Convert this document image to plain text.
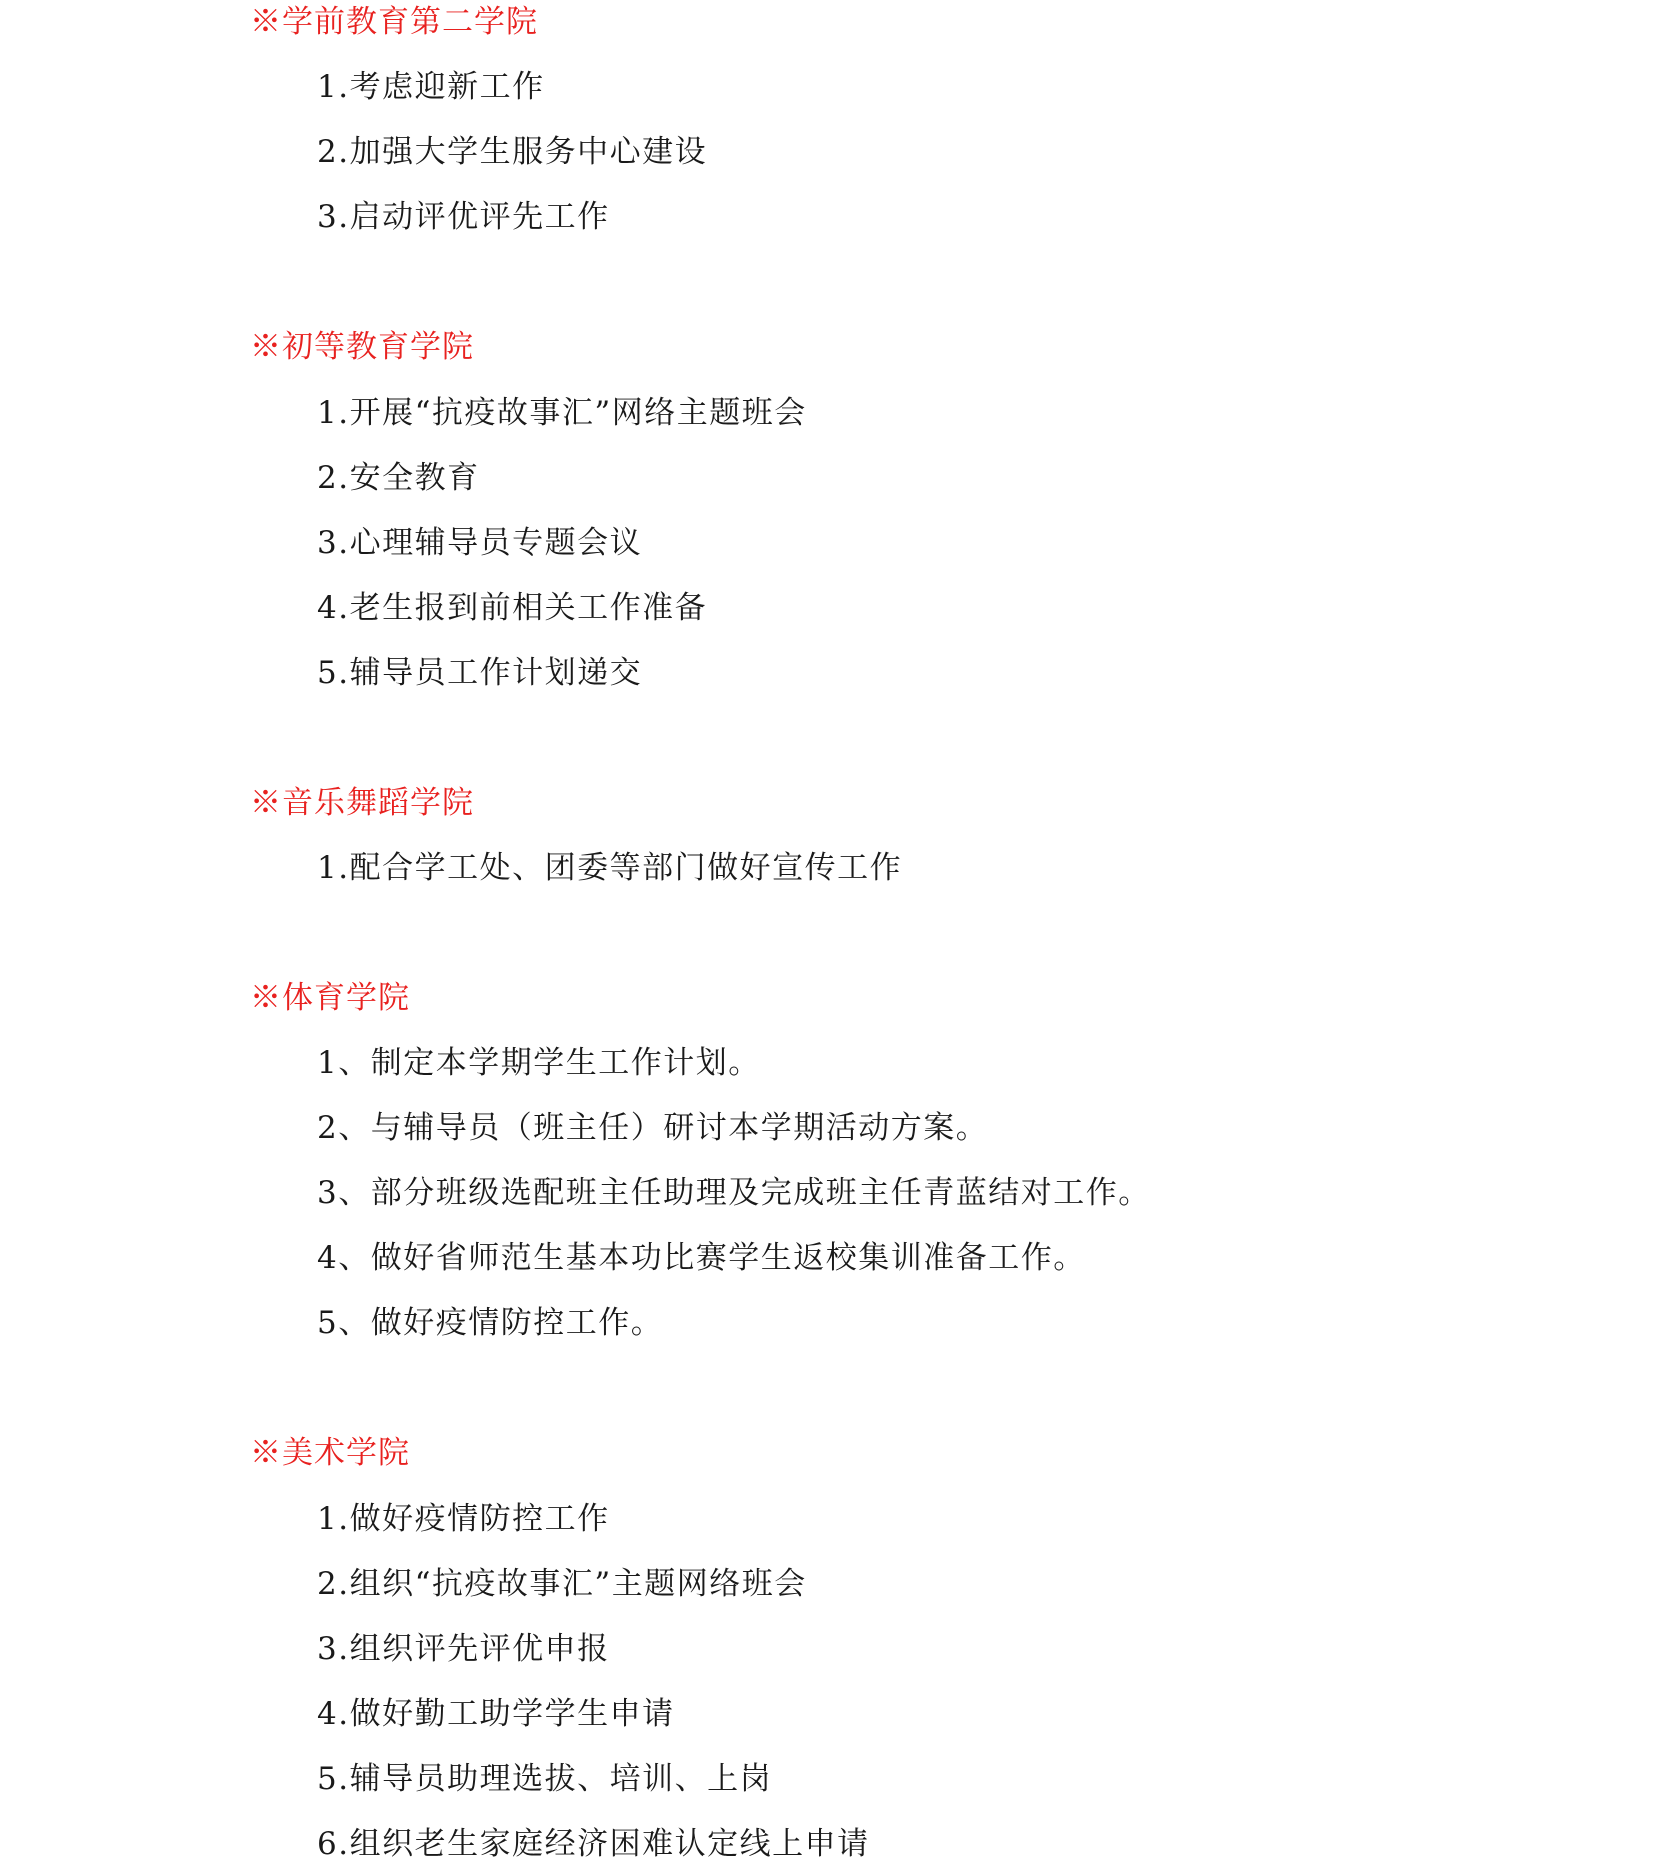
※学前教育第二学院
1.考虑迎新工作
2.加强大学生服务中心建设
3.启动评优评先工作
※初等教育学院
1.开展“抗疫故事汇”网络主题班会
2.安全教育
3.心理辅导员专题会议
4.老生报到前相关工作准备
5.辅导员工作计划递交
※音乐舞蹈学院
1.配合学工处、团委等部门做好宣传工作
※体育学院
1、制定本学期学生工作计划。
2、与辅导员（班主任）研讨本学期活动方案。
3、部分班级选配班主任助理及完成班主任青蓝结对工作。
4、做好省师范生基本功比赛学生返校集训准备工作。
5、做好疫情防控工作。
※美术学院
1.做好疫情防控工作
2.组织“抗疫故事汇”主题网络班会
3.组织评先评优申报
4.做好勤工助学学生申请
5.辅导员助理选拔、培训、上岗
6.组织老生家庭经济困难认定线上申请
